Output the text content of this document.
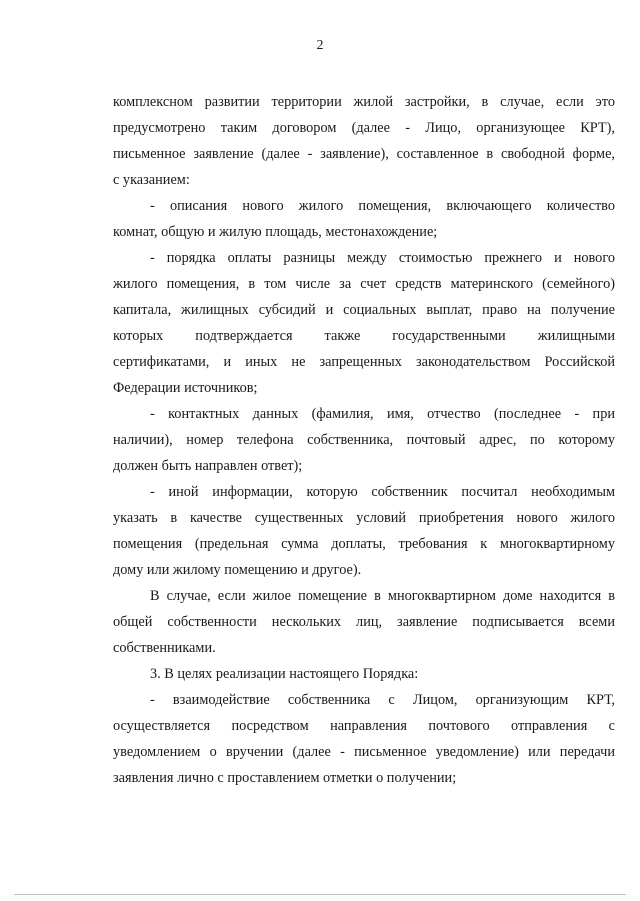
2
комплексном развитии территории жилой застройки, в случае, если это
предусмотрено таким договором (далее - Лицо, организующее КРТ),
письменное заявление (далее - заявление), составленное в свободной форме,
с указанием:
- описания нового жилого помещения, включающего количество
комнат, общую и жилую площадь, местонахождение;
- порядка оплаты разницы между стоимостью прежнего и нового
жилого помещения, в том числе за счет средств материнского (семейного)
капитала, жилищных субсидий и социальных выплат, право на получение
которых подтверждается также государственными жилищными
сертификатами, и иных не запрещенных законодательством Российской
Федерации источников;
- контактных данных (фамилия, имя, отчество (последнее - при
наличии), номер телефона собственника, почтовый адрес, по которому
должен быть направлен ответ);
- иной информации, которую собственник посчитал необходимым
указать в качестве существенных условий приобретения нового жилого
помещения (предельная сумма доплаты, требования к многоквартирному
дому или жилому помещению и другое).
В случае, если жилое помещение в многоквартирном доме находится в
общей собственности нескольких лиц, заявление подписывается всеми
собственниками.
3. В целях реализации настоящего Порядка:
- взаимодействие собственника с Лицом, организующим КРТ,
осуществляется посредством направления почтового отправления с
уведомлением о вручении (далее - письменное уведомление) или передачи
заявления лично с проставлением отметки о получении;
